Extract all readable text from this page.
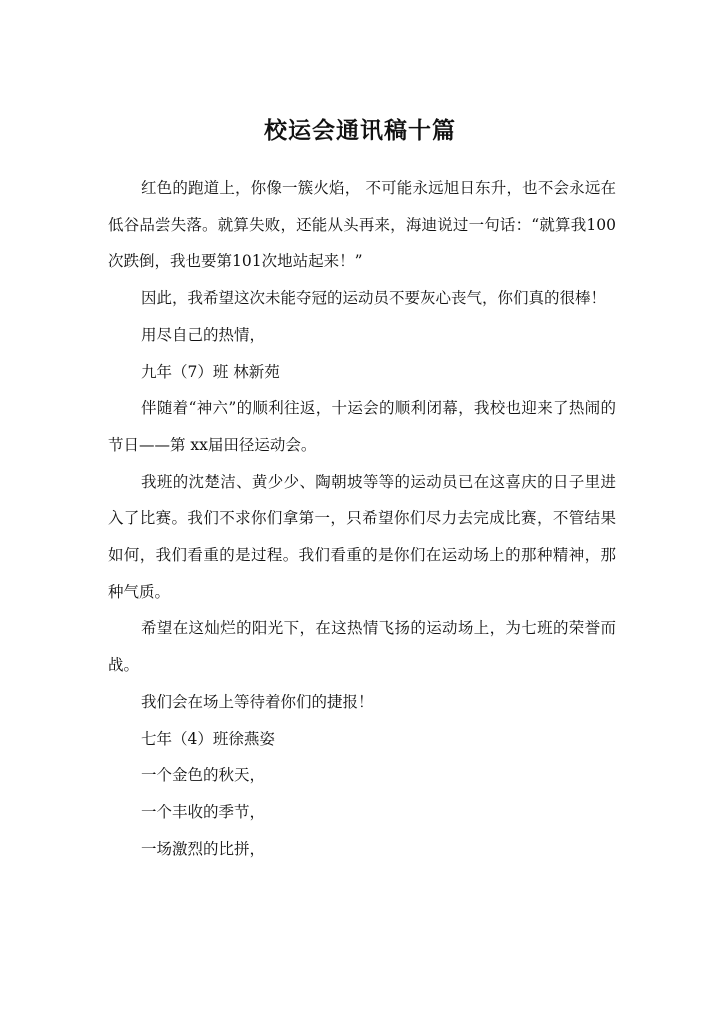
校运会通讯稿十篇

红色的跑道上，你像一簇火焰， 不可能永远旭日东升，也不会永远在低谷品尝失落。就算失败，还能从头再来，海迪说过一句话：“就算我100次跌倒，我也要第101次地站起来！”

因此，我希望这次未能夺冠的运动员不要灰心丧气，你们真的很棒！

用尽自己的热情，

九年（7）班 林新苑

伴随着“神六”的顺利往返，十运会的顺利闭幕，我校也迎来了热闹的节日——第 xx届田径运动会。

我班的沈楚洁、黄少少、陶朝坡等等的运动员已在这喜庆的日子里进入了比赛。我们不求你们拿第一，只希望你们尽力去完成比赛，不管结果如何，我们看重的是过程。我们看重的是你们在运动场上的那种精神，那种气质。

希望在这灿烂的阳光下，在这热情飞扬的运动场上，为七班的荣誉而战。

我们会在场上等待着你们的捷报！

七年（4）班徐燕姿

一个金色的秋天，

一个丰收的季节，

一场激烈的比拼，
